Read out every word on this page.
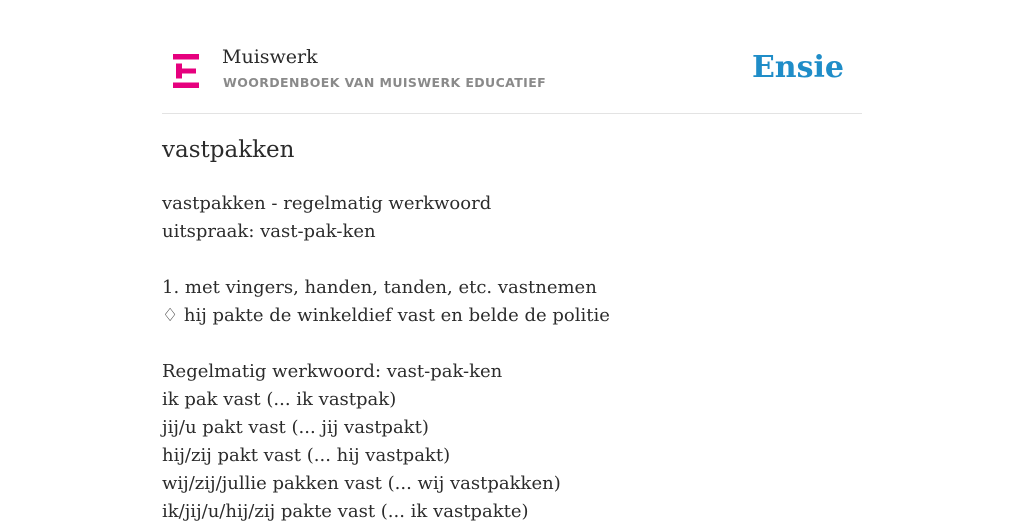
Muiswerk
WOORDENBOEK VAN MUISWERK EDUCATIEF	Ensie
vastpakken
vastpakken - regelmatig werkwoord
uitspraak: vast-pak-ken
1. met vingers, handen, tanden, etc. vastnemen
♢ hij pakte de winkeldief vast en belde de politie
Regelmatig werkwoord: vast-pak-ken
ik pak vast (... ik vastpak)
jij/u pakt vast (... jij vastpakt)
hij/zij pakt vast (... hij vastpakt)
wij/zij/jullie pakken vast (... wij vastpakken)
ik/jij/u/hij/zij pakte vast (... ik vastpakte)
